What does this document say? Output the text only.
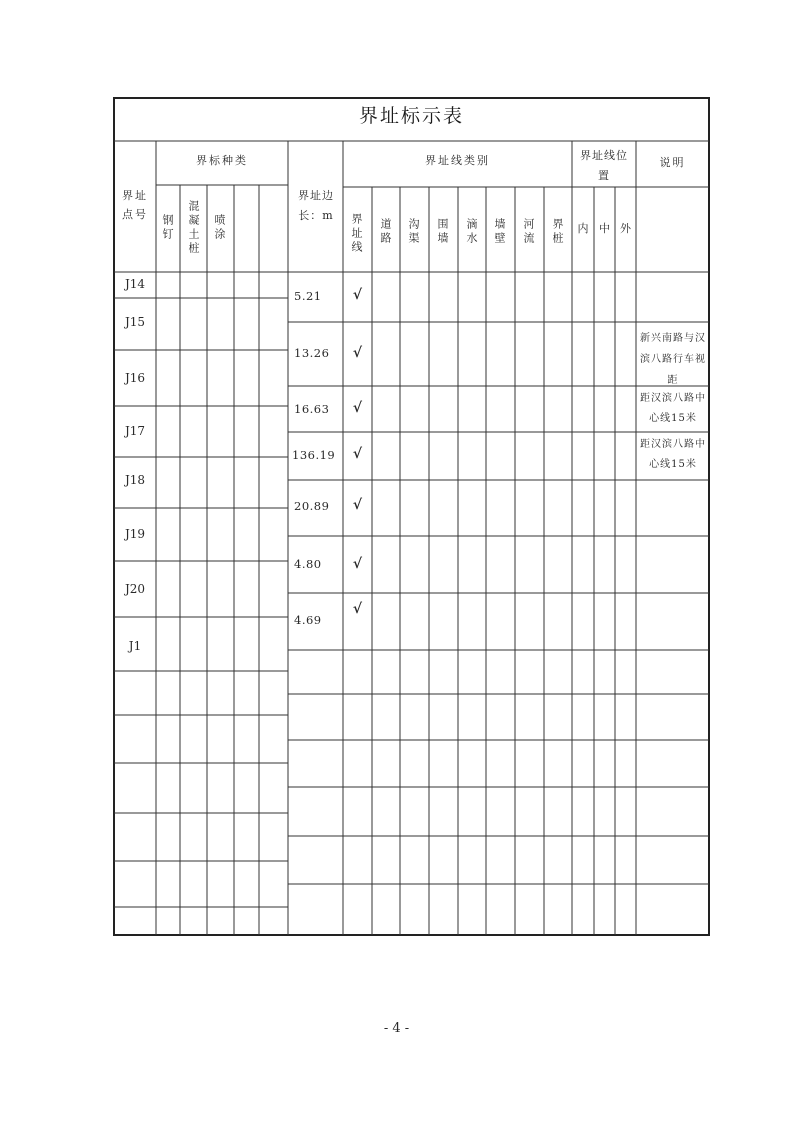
界址标示表
界址点号
界标种类
钢钉 混凝土桩 喷涂
界址边长：m
界址线类别
界址线 道路 沟渠 围墙 滴水 墙壁 河流 界桩
界址线位置
内 中 外
说明
J14
J15
J16
J17
J18
J19
J20
J1
5.21
13.26
16.63
136.19
20.89
4.80
4.69
√
√
√
√
√
√
√
新兴南路与汉滨八路行车视距
距汉滨八路中心线15米
距汉滨八路中心线15米
- 4 -
